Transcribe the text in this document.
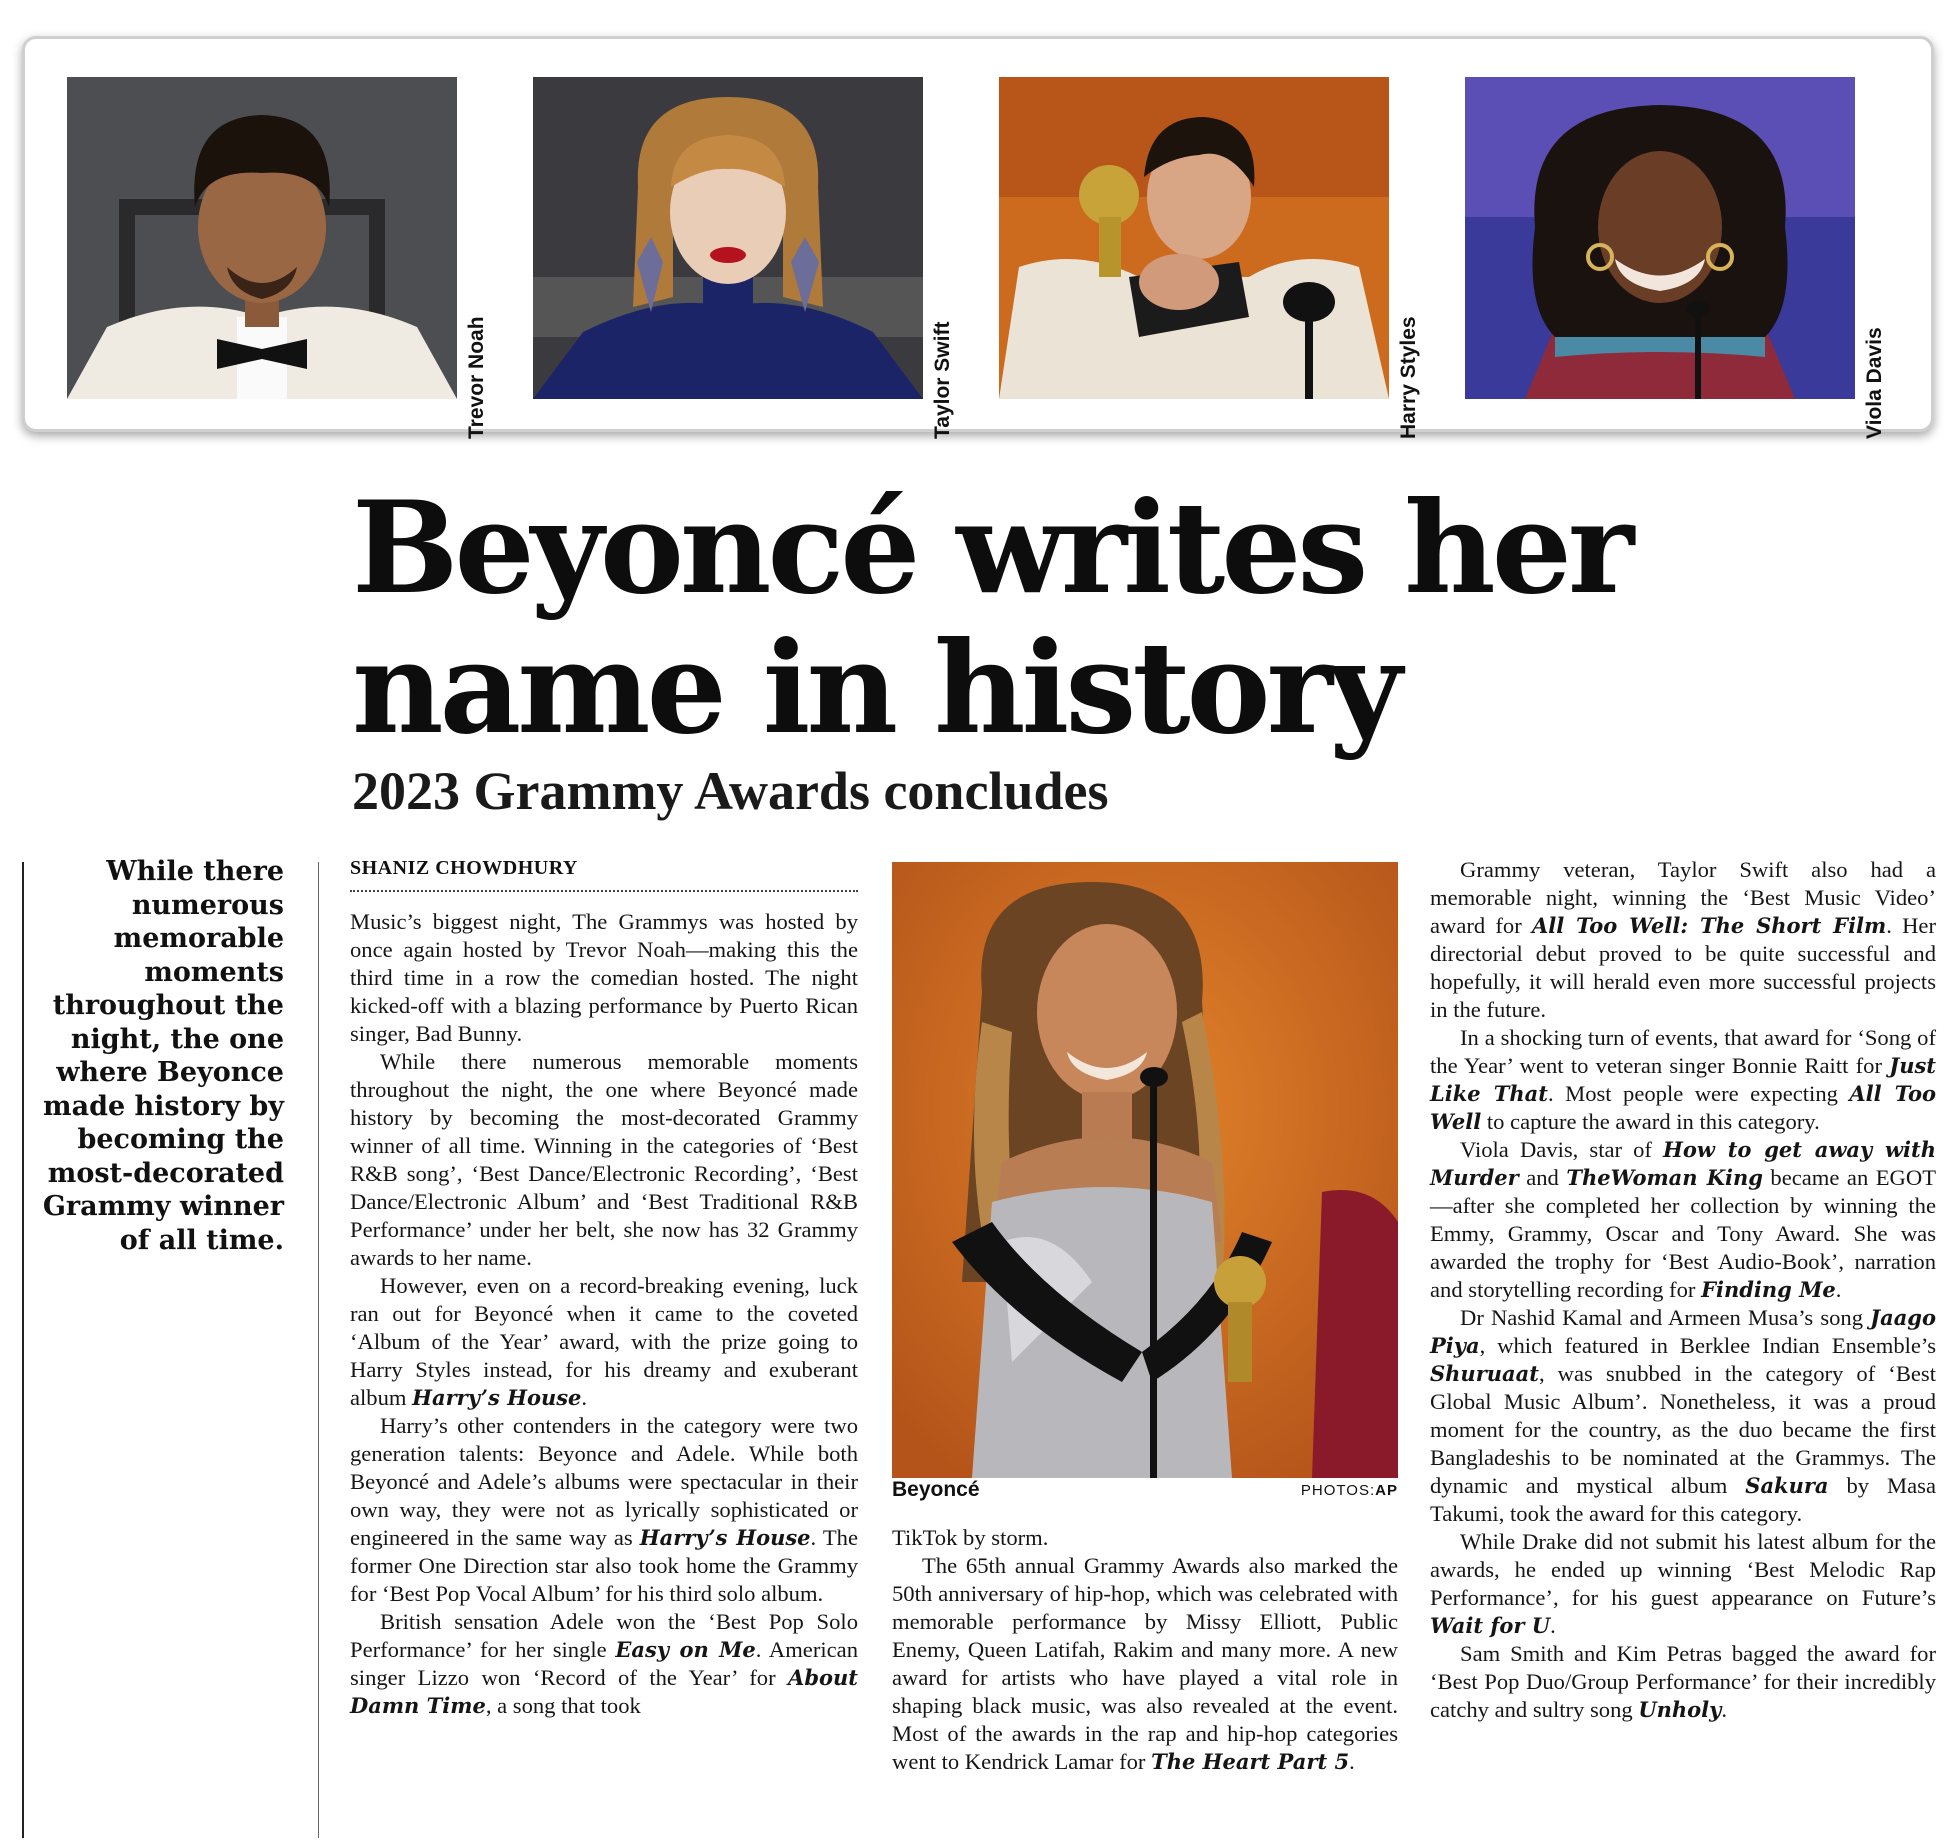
Trevor Noah	Taylor Swift	Harry Styles	Viola Davis
Beyoncé writes her
name in history
2023 Grammy Awards concludes

While there numerous memorable moments throughout the night, the one where Beyonce made history by becoming the most-decorated Grammy winner of all time.

SHANIZ CHOWDHURY

Music’s biggest night, The Grammys was hosted by once again hosted by Trevor Noah—making this the third time in a row the comedian hosted. The night kicked-off with a blazing performance by Puerto Rican singer, Bad Bunny.

While there numerous memorable moments throughout the night, the one where Beyoncé made history by becoming the most-decorated Grammy winner of all time. Winning in the categories of ‘Best R&B song’, ‘Best Dance/Electronic Recording’, ‘Best Dance/Electronic Album’ and ‘Best Traditional R&B Performance’ under her belt, she now has 32 Grammy awards to her name.

However, even on a record-breaking evening, luck ran out for Beyoncé when it came to the coveted ‘Album of the Year’ award, with the prize going to Harry Styles instead, for his dreamy and exuberant album Harry’s House.

Harry’s other contenders in the category were two generation talents: Beyonce and Adele. While both Beyoncé and Adele’s albums were spectacular in their own way, they were not as lyrically sophisticated or engineered in the same way as Harry’s House. The former One Direction star also took home the Grammy for ‘Best Pop Vocal Album’ for his third solo album.

British sensation Adele won the ‘Best Pop Solo Performance’ for her single Easy on Me. American singer Lizzo won ‘Record of the Year’ for About Damn Time, a song that took

Beyoncé	PHOTOS:AP

TikTok by storm.

The 65th annual Grammy Awards also marked the 50th anniversary of hip-hop, which was celebrated with memorable performance by Missy Elliott, Public Enemy, Queen Latifah, Rakim and many more. A new award for artists who have played a vital role in shaping black music, was also revealed at the event. Most of the awards in the rap and hip-hop categories went to Kendrick Lamar for The Heart Part 5.

Grammy veteran, Taylor Swift also had a memorable night, winning the ‘Best Music Video’ award for All Too Well: The Short Film. Her directorial debut proved to be quite successful and hopefully, it will herald even more successful projects in the future.

In a shocking turn of events, that award for ‘Song of the Year’ went to veteran singer Bonnie Raitt for Just Like That. Most people were expecting All Too Well to capture the award in this category.

Viola Davis, star of How to get away with Murder and TheWoman King became an EGOT—after she completed her collection by winning the Emmy, Grammy, Oscar and Tony Award. She was awarded the trophy for ‘Best Audio-Book’, narration and storytelling recording for Finding Me.

Dr Nashid Kamal and Armeen Musa’s song Jaago Piya, which featured in Berklee Indian Ensemble’s Shuruaat, was snubbed in the category of ‘Best Global Music Album’. Nonetheless, it was a proud moment for the country, as the duo became the first Bangladeshis to be nominated at the Grammys. The dynamic and mystical album Sakura by Masa Takumi, took the award for this category.

While Drake did not submit his latest album for the awards, he ended up winning ‘Best Melodic Rap Performance’, for his guest appearance on Future’s Wait for U.

Sam Smith and Kim Petras bagged the award for ‘Best Pop Duo/Group Performance’ for their incredibly catchy and sultry song Unholy.
